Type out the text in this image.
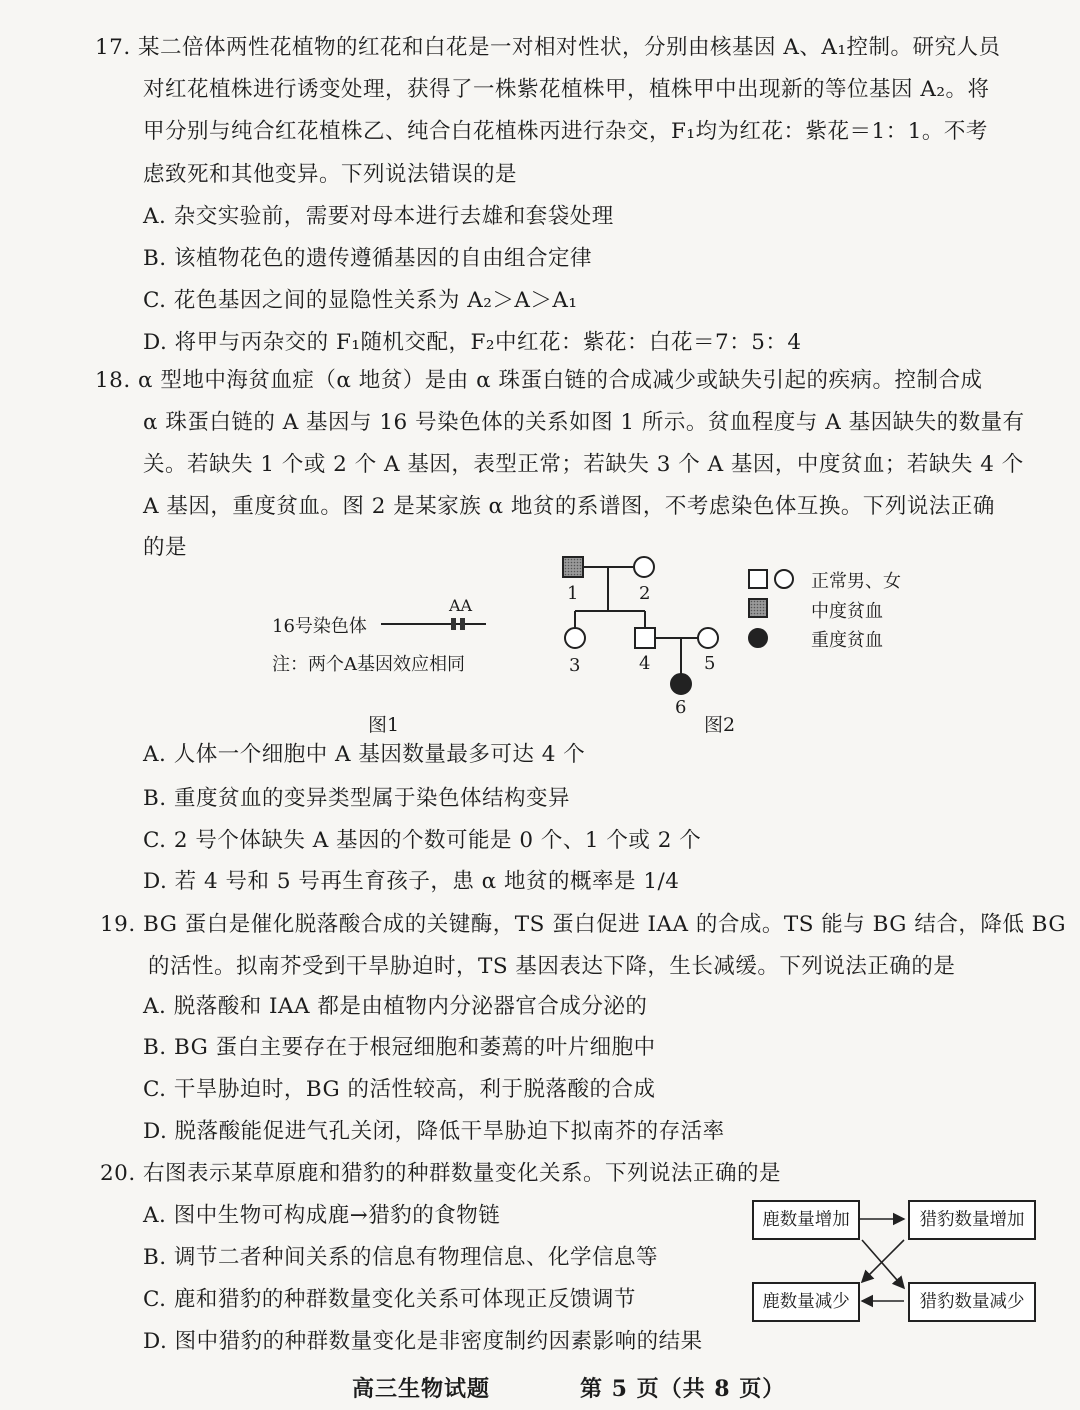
17. 某二倍体两性花植物的红花和白花是一对相对性状，分别由核基因 A、A₁控制。研究人员
对红花植株进行诱变处理，获得了一株紫花植株甲，植株甲中出现新的等位基因 A₂。将
甲分别与纯合红花植株乙、纯合白花植株丙进行杂交，F₁均为红花：紫花＝1：1。不考
虑致死和其他变异。下列说法错误的是
A. 杂交实验前，需要对母本进行去雄和套袋处理
B. 该植物花色的遗传遵循基因的自由组合定律
C. 花色基因之间的显隐性关系为 A₂＞A＞A₁
D. 将甲与丙杂交的 F₁随机交配，F₂中红花：紫花：白花＝7：5：4
18. α 型地中海贫血症（α 地贫）是由 α 珠蛋白链的合成减少或缺失引起的疾病。控制合成
α 珠蛋白链的 A 基因与 16 号染色体的关系如图 1 所示。贫血程度与 A 基因缺失的数量有
关。若缺失 1 个或 2 个 A 基因，表型正常；若缺失 3 个 A 基因，中度贫血；若缺失 4 个
A 基因，重度贫血。图 2 是某家族 α 地贫的系谱图，不考虑染色体互换。下列说法正确
的是
AA
16号染色体
注：两个A基因效应相同
图1
1	2
3	4	5
6
正常男、女
中度贫血
重度贫血
图2
A. 人体一个细胞中 A 基因数量最多可达 4 个
B. 重度贫血的变异类型属于染色体结构变异
C. 2 号个体缺失 A 基因的个数可能是 0 个、1 个或 2 个
D. 若 4 号和 5 号再生育孩子，患 α 地贫的概率是 1/4
19. BG 蛋白是催化脱落酸合成的关键酶，TS 蛋白促进 IAA 的合成。TS 能与 BG 结合，降低 BG
的活性。拟南芥受到干旱胁迫时，TS 基因表达下降，生长减缓。下列说法正确的是
A. 脱落酸和 IAA 都是由植物内分泌器官合成分泌的
B. BG 蛋白主要存在于根冠细胞和萎蔫的叶片细胞中
C. 干旱胁迫时，BG 的活性较高，利于脱落酸的合成
D. 脱落酸能促进气孔关闭，降低干旱胁迫下拟南芥的存活率
20. 右图表示某草原鹿和猎豹的种群数量变化关系。下列说法正确的是
A. 图中生物可构成鹿→猎豹的食物链
B. 调节二者种间关系的信息有物理信息、化学信息等
C. 鹿和猎豹的种群数量变化关系可体现正反馈调节
D. 图中猎豹的种群数量变化是非密度制约因素影响的结果
鹿数量增加	猎豹数量增加
鹿数量减少	猎豹数量减少
高三生物试题	第 5 页（共 8 页）
